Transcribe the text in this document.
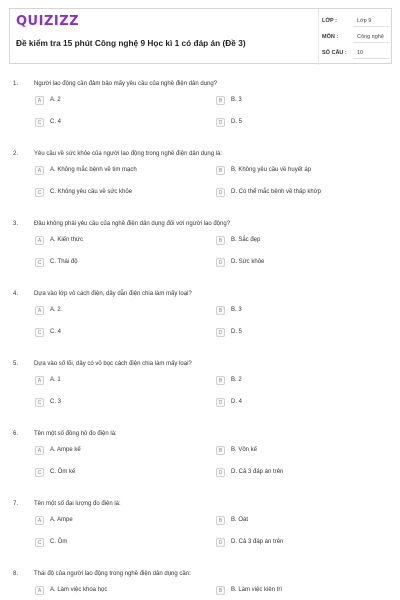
QUIZIZZ
Đề kiểm tra 15 phút Công nghệ 9 Học kì 1 có đáp án (Đề 3)
LỚP :	Lớp 9
MÔN :	Công nghệ
SỐ CÂU : 10
1.	Người lao động cần đảm bảo mấy yêu cầu của nghề điện dân dụng?
A	A. 2	B	B. 3
C	C. 4	D	D. 5
2.	Yêu cầu về sức khỏe của người lao động trong nghề điện dân dụng là:
A	A. Không mắc bệnh về tim mạch	B	B. Không yêu cầu về huyết áp
C	C. Không yêu cầu về sức khỏe	D	D. Có thể mắc bệnh về thấp khớp
3.	Đâu không phải yêu cầu của nghề điện dân dụng đối với người lao động?
A	A. Kiến thức	B	B. Sắc đẹp
C	C. Thái độ	D	D. Sức khỏe
4.	Dựa vào lớp vỏ cách điện, dây dẫn điện chia làm mấy loại?
A	A. 2	B	B. 3
C	C. 4	D	D. 5
5.	Dựa vào số lõi, dây có vỏ bọc cách điện chia làm mấy loại?
A	A. 1	B	B. 2
C	C. 3	D	D. 4
6.	Tên một số đồng hồ đo điện là:
A	A. Ampe kế	B	B. Vôn kế
C	C. Ôm kế	D	D. Cả 3 đáp án trên
7.	Tên một số đại lượng đo điện là:
A	A. Ampe	B	B. Oát
C	C. Ôm	D	D. Cả 3 đáp án trên
8.	Thái độ của người lao động trong nghề điện dân dụng cần:
A	A. Làm việc khoa học	B	B. Làm việc kiên trì
